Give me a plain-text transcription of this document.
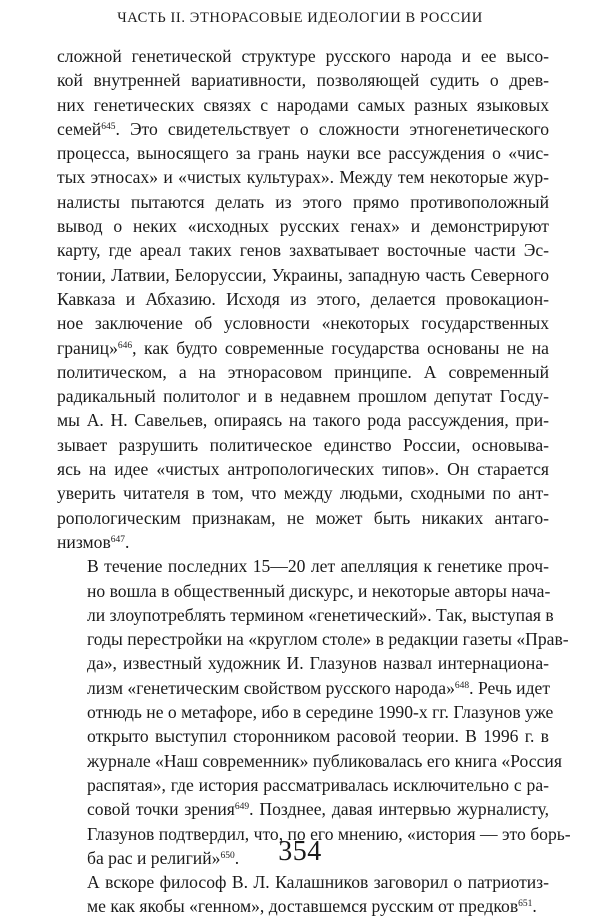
ЧАСТЬ II. ЭТНОРАСОВЫЕ ИДЕОЛОГИИ В РОССИИ

сложной генетической структуре русского народа и ее высо-
кой внутренней вариативности, позволяющей судить о древ-
них генетических связях с народами самых разных языковых
семей$^{645}$. Это свидетельствует о сложности этногенетического
процесса, выносящего за грань науки все рассуждения о «чис-
тых этносах» и «чистых культурах». Между тем некоторые жур-
налисты пытаются делать из этого прямо противоположный
вывод о неких «исходных русских генах» и демонстрируют
карту, где ареал таких генов захватывает восточные части Эс-
тонии, Латвии, Белоруссии, Украины, западную часть Северного
Кавказа и Абхазию. Исходя из этого, делается провокацион-
ное заключение об условности «некоторых государственных
границ»$^{646}$, как будто современные государства основаны не на
политическом, а на этнорасовом принципе. А современный
радикальный политолог и в недавнем прошлом депутат Госду-
мы А. Н. Савельев, опираясь на такого рода рассуждения, при-
зывает разрушить политическое единство России, основыва-
ясь на идее «чистых антропологических типов». Он старается
уверить читателя в том, что между людьми, сходными по ант-
ропологическим признакам, не может быть никаких антаго-
низмов$^{647}$.

В течение последних 15—20 лет апелляция к генетике проч-
но вошла в общественный дискурс, и некоторые авторы нача-
ли злоупотреблять термином «генетический». Так, выступая в
годы перестройки на «круглом столе» в редакции газеты «Прав-
да», известный художник И. Глазунов назвал интернациона-
лизм «генетическим свойством русского народа»$^{648}$. Речь идет
отнюдь не о метафоре, ибо в середине 1990-х гг. Глазунов уже
открыто выступил сторонником расовой теории. В 1996 г. в
журнале «Наш современник» публиковалась его книга «Россия
распятая», где история рассматривалась исключительно с ра-
совой точки зрения$^{649}$. Позднее, давая интервью журналисту,
Глазунов подтвердил, что, по его мнению, «история — это борь-
ба рас и религий»$^{650}$.

А вскоре философ В. Л. Калашников заговорил о патриотиз-
ме как якобы «генном», доставшемся русским от предков$^{651}$.

354
